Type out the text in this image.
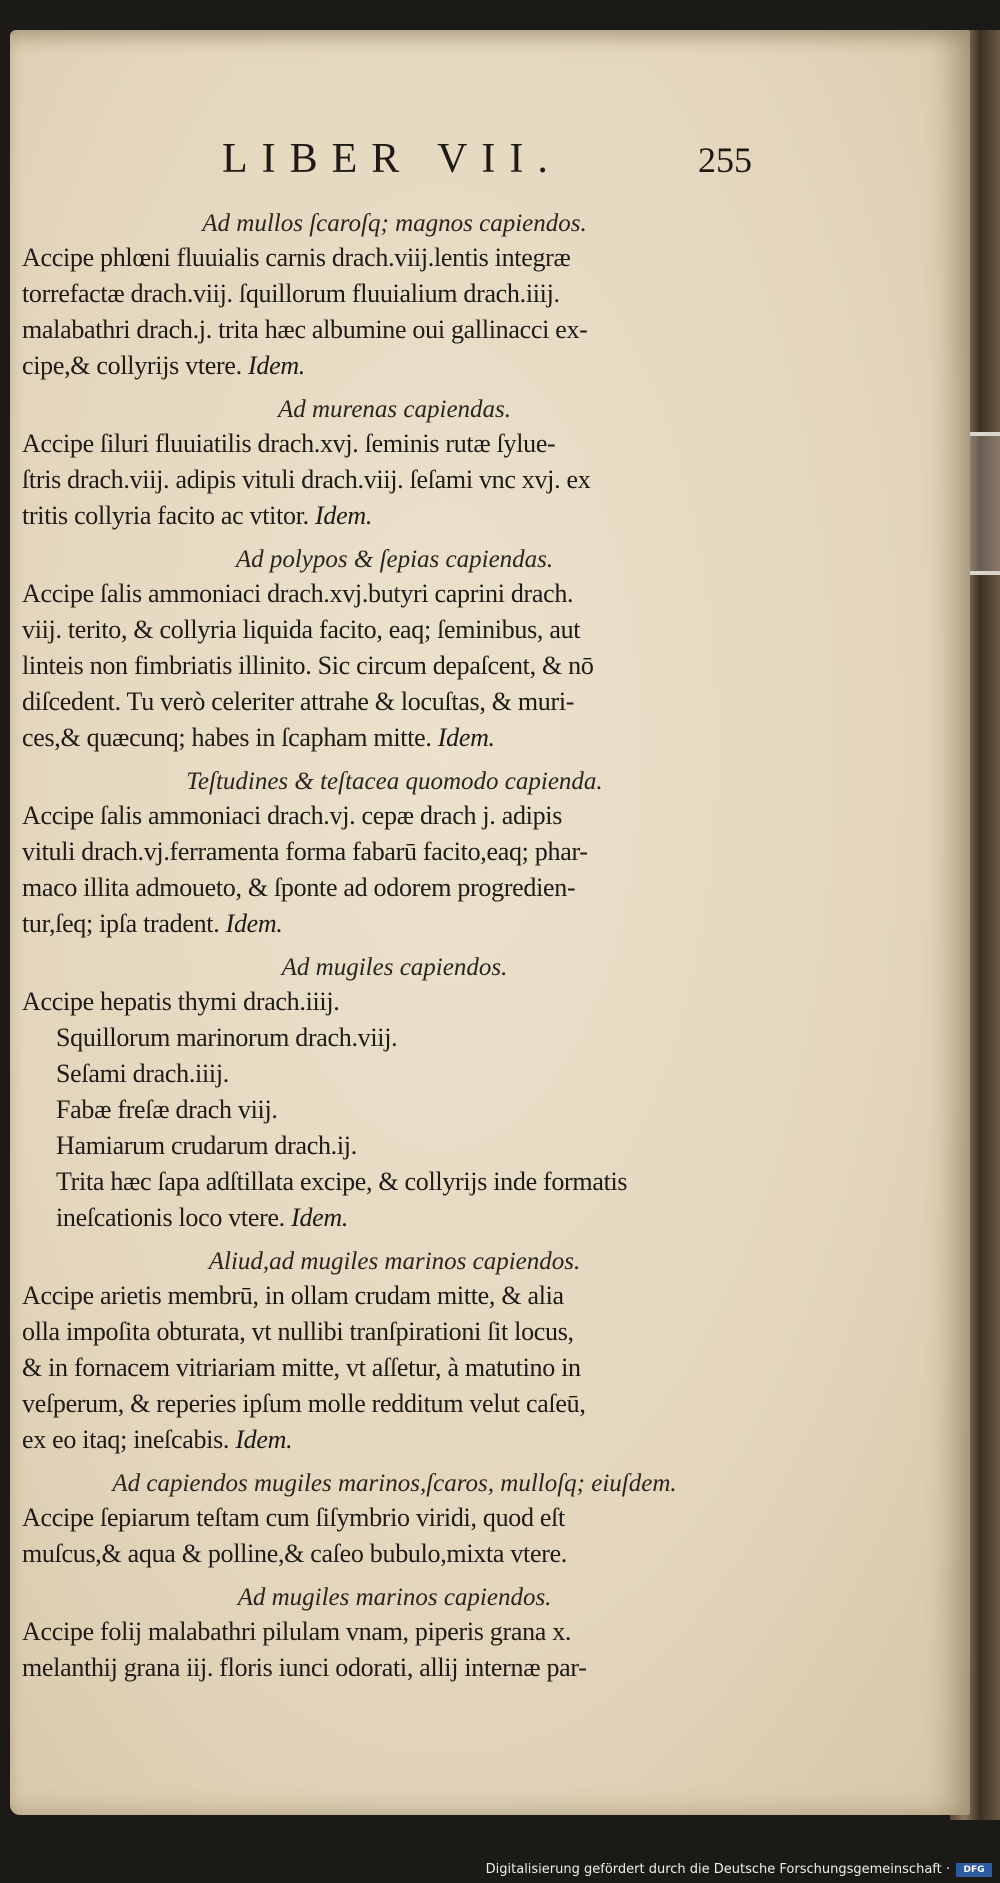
LIBER VII.	255

Ad mullos ſcaroſq; magnos capiendos.

Accipe phlœni fluuialis carnis drach.viij.lentis integræ

torrefactæ drach.viij. ſquillorum fluuialium drach.iiij.

malabathri drach.j. trita hæc albumine oui gallinacci ex-

cipe,& collyrijs vtere. Idem.

Ad murenas capiendas.

Accipe ſiluri fluuiatilis drach.xvj. ſeminis rutæ ſylue-

ſtris drach.viij. adipis vituli drach.viij. ſeſami vnc xvj. ex

tritis collyria facito ac vtitor. Idem.

Ad polypos & ſepias capiendas.

Accipe ſalis ammoniaci drach.xvj.butyri caprini drach.

viij. terito, & collyria liquida facito, eaq; ſeminibus, aut

linteis non fimbriatis illinito. Sic circum depaſcent, & nō

diſcedent. Tu verò celeriter attrahe & locuſtas, & muri-

ces,& quæcunq; habes in ſcapham mitte. Idem.

Teſtudines & teſtacea quomodo capienda.

Accipe ſalis ammoniaci drach.vj. cepæ drach j. adipis

vituli drach.vj.ferramenta forma fabarū facito,eaq; phar-

maco illita admoueto, & ſponte ad odorem progredien-

tur,ſeq; ipſa tradent. Idem.

Ad mugiles capiendos.

Accipe hepatis thymi drach.iiij.

Squillorum marinorum drach.viij.

Seſami drach.iiij.

Fabæ freſæ drach viij.

Hamiarum crudarum drach.ij.

Trita hæc ſapa adſtillata excipe, & collyrijs inde formatis

ineſcationis loco vtere. Idem.

Aliud,ad mugiles marinos capiendos.

Accipe arietis membrū, in ollam crudam mitte, & alia

olla impoſita obturata, vt nullibi tranſpirationi ſit locus,

& in fornacem vitriariam mitte, vt aſſetur, à matutino in

veſperum, & reperies ipſum molle redditum velut caſeū,

ex eo itaq; ineſcabis. Idem.

Ad capiendos mugiles marinos,ſcaros, mulloſq; eiuſdem.

Accipe ſepiarum teſtam cum ſiſymbrio viridi, quod eſt

muſcus,& aqua & polline,& caſeo bubulo,mixta vtere.

Ad mugiles marinos capiendos.

Accipe folij malabathri pilulam vnam, piperis grana x.

melanthij grana iij. floris iunci odorati, allij internæ par-

Digitalisierung gefördert durch die Deutsche Forschungsgemeinschaft ·	DFG
